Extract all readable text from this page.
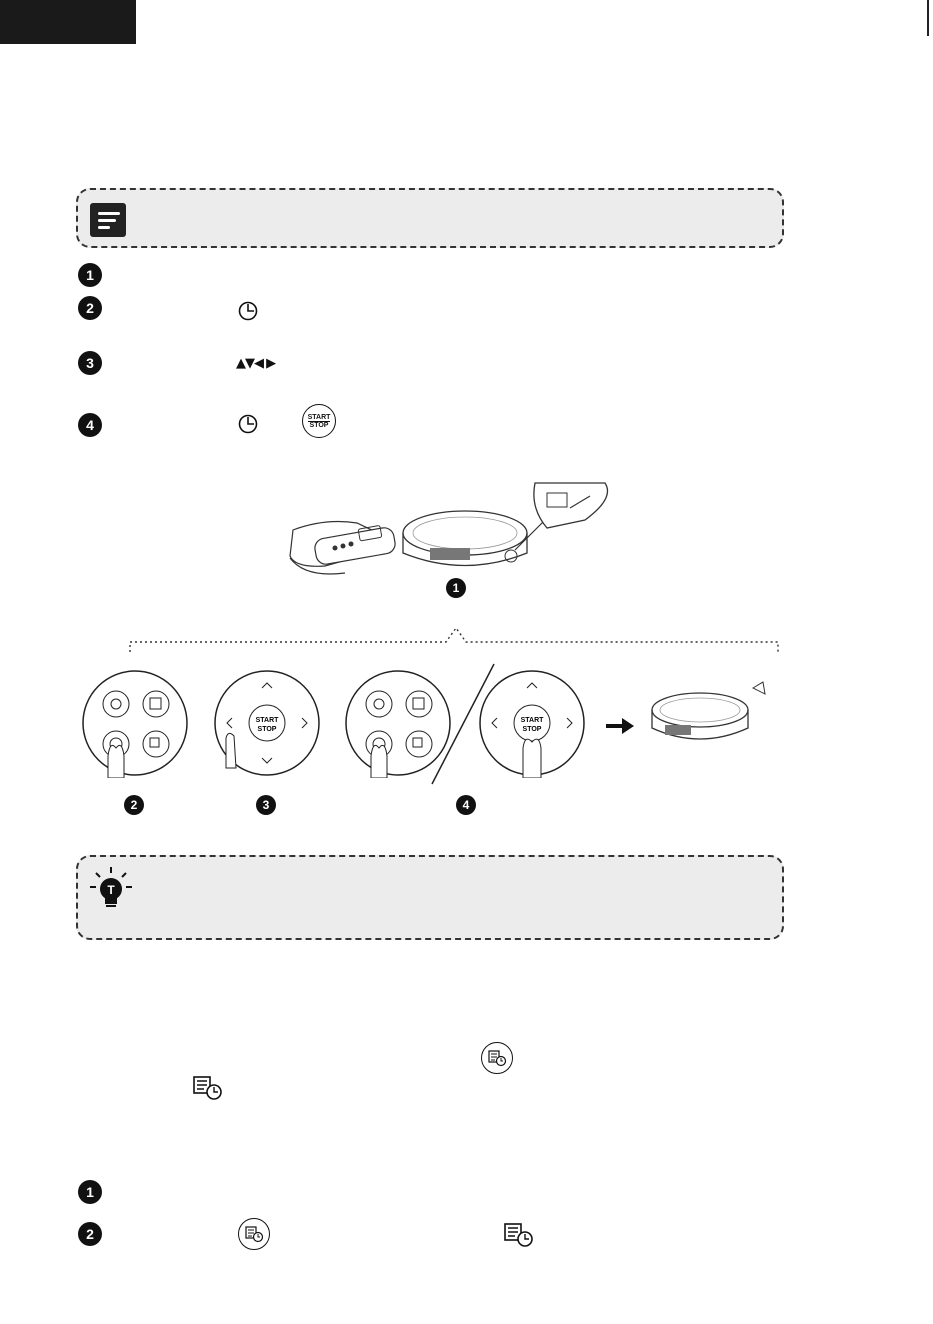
1
2
3	▲▼◀ ▶
4	START
STOP
1
2
START
STOP
3
START
STOP
4
T
1
2
